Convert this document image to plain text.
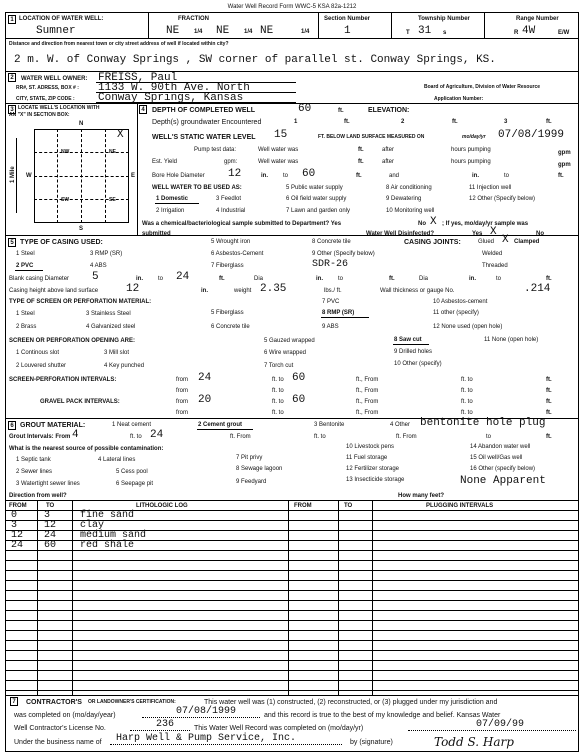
Water Well Record Form WWC-5 KSA 82a-1212
1 LOCATION OF WATER WELL:
Sumner
FRACTION
NE 1/4 NE 1/4 NE	1/4
Section Number
1
Township Number
T 31 s
Range Number
R 4W	E/W
Distance and direction from nearest town or city street address of well if located within city?
2 m. W. of Conway Springs , SW corner of parallel st. Conway Springs, KS.
2	WATER WELL OWNER: FREISS, Paul
RR#, ST. ADRESS, BOX # : 1133 W. 90th Ave. North
CITY, STATE, ZIP CODE : Conway Springs, Kansas
Board of Agriculture, Division of Water Resource
Application Number:
3 LOCATE WELL'S LOCATION WITH
AN "X" IN SECTION BOX:
N
NW	NE
SW	SE
X
W	E
S
1 Mile
4	DEPTH OF COMPLETED WELL	60	ft.	ELEVATION:
Depth(s) groundwater Encountered	1	ft.	2	ft.	3	ft.
WELL'S STATIC WATER LEVEL 15	FT. BELOW LAND SURFACE MEASURED ON	mo/day/yr 07/08/1999
Pump test data:	Well water was	ft.	after	hours pumping	gpm
Est. Yield	gpm:	Well water was	ft.	after	hours pumping	gpm
Bore Hole Diameter 12	in.	to 60	ft.	and	in.	to	ft.
WELL WATER TO BE USED AS:	5 Public water supply	8 Air conditioning	11 Injection well
1 Domestic	3 Feedlot	6 Oil field water supply	9 Dewatering	12 Other (Specify below)
2 Irrigation	4 Industrial	7 Lawn and garden only	10 Monitoring well
Was a chemical/bacteriological sample submitted to Department? Yes	No X ; If yes, mo/day/yr sample was
submitted	Water Well Disinfected?	Yes X	No
5 TYPE OF CASING USED:
1 Steel	3 RMP (SR)
5 Wrought iron
6 Asbestos-Cement
7 Fiberglass
8 Concrete tile
9 Other (Specify below)
SDR-26
2 PVC	4 ABS
CASING JOINTS:	Glued X Clamped
Welded
Threaded
Blank casing Diameter 5	in.	to 24	ft.	Dia	in.	to	ft.	Dia	in.	to	ft.
Casing height above land surface	12	in.	weight 2.35	lbs./ ft.	Wall thickness or gauge No.	.214
TYPE OF SCREEN OR PERFORATION MATERIAL:	7 PVC	10 Asbestos-cement
1 Steel	3 Stainless Steel	5 Fiberglass	8 RMP (SR)	11 other (specify)
2 Brass	4 Galvanized steel	6 Concrete tile	9 ABS	12 None used (open hole)
SCREEN OR PERFORATION OPENING ARE:	5 Gauzed wrapped	8 Saw cut	11 None (open hole)
1 Continous slot	3 Mill slot	6 Wire wrapped	9 Drilled holes
2 Louvered shutter	4 Key punched	7 Torch cut	10 Other (specify)
SCREEN-PERFORATION INTERVALS:	from 24	ft. to 60	ft., From	ft. to	ft.
from	ft. to	ft., From	ft. to	ft.
GRAVEL PACK INTERVALS:	from 20	ft. to 60	ft., From	ft. to	ft.
from	ft. to	ft., From	ft. to	ft.
6 GROUT MATERIAL:	1 Neat cement	2 Cement grout	3 Bentonite	4 Other bentonite hole plug
Grout Intervals: From 4	ft. to 24	ft. From	ft. to	ft. From	to	ft.
What is the nearest source of possible contamination:	10 Livestock pens	14 Abandon water well
1 Septic tank	4 Lateral lines	7 Pit privy	11 Fuel storage	15 Oil well/Gas well
2 Sewer lines	5 Cess pool	8 Sewage lagoon	12 Fertilizer storage	16 Other (specify below)
3 Watertight sewer lines	6 Seepage pit	9 Feedyard	13 Insecticide storage	None Apparent
Direction from well?	How many feet?
FROM	TO	LITHOLOGIC LOG	FROM	TO	PLUGGING INTERVALS
0	3	fine sand
3	12 clay
12 24 medium sand
24 60 red shale
7	CONTRACTOR'S OR LANDOWNER'S CERTIFICATION:	This water well was (1) constructed, (2) reconstructed, or (3) plugged under my jurisdiction and
was completed on (mo/day/year)	07/08/1999	and this record is true to the best of my knowledge and belief. Kansas Water
Well Contractor's License No.	236	This Water Well Record was completed on (mo/day/yr)	07/09/99
Under the business name of Harp Well & Pump Service, Inc.	by (signature)	Todd S. Harp
